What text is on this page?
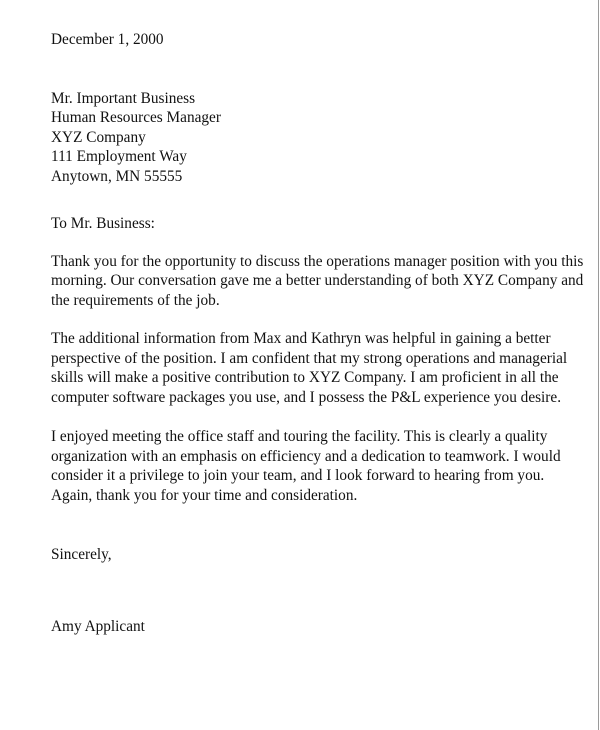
December 1, 2000
Mr. Important Business
Human Resources Manager
XYZ Company
111 Employment Way
Anytown, MN 55555
To Mr. Business:

Thank you for the opportunity to discuss the operations manager position with you this morning. Our conversation gave me a better understanding of both XYZ Company and the requirements of the job.

The additional information from Max and Kathryn was helpful in gaining a better perspective of the position. I am confident that my strong operations and managerial skills will make a positive contribution to XYZ Company. I am proficient in all the computer software packages you use, and I possess the P&L experience you desire.

I enjoyed meeting the office staff and touring the facility. This is clearly a quality organization with an emphasis on efficiency and a dedication to teamwork. I would consider it a privilege to join your team, and I look forward to hearing from you. Again, thank you for your time and consideration.

Sincerely,
Amy Applicant
